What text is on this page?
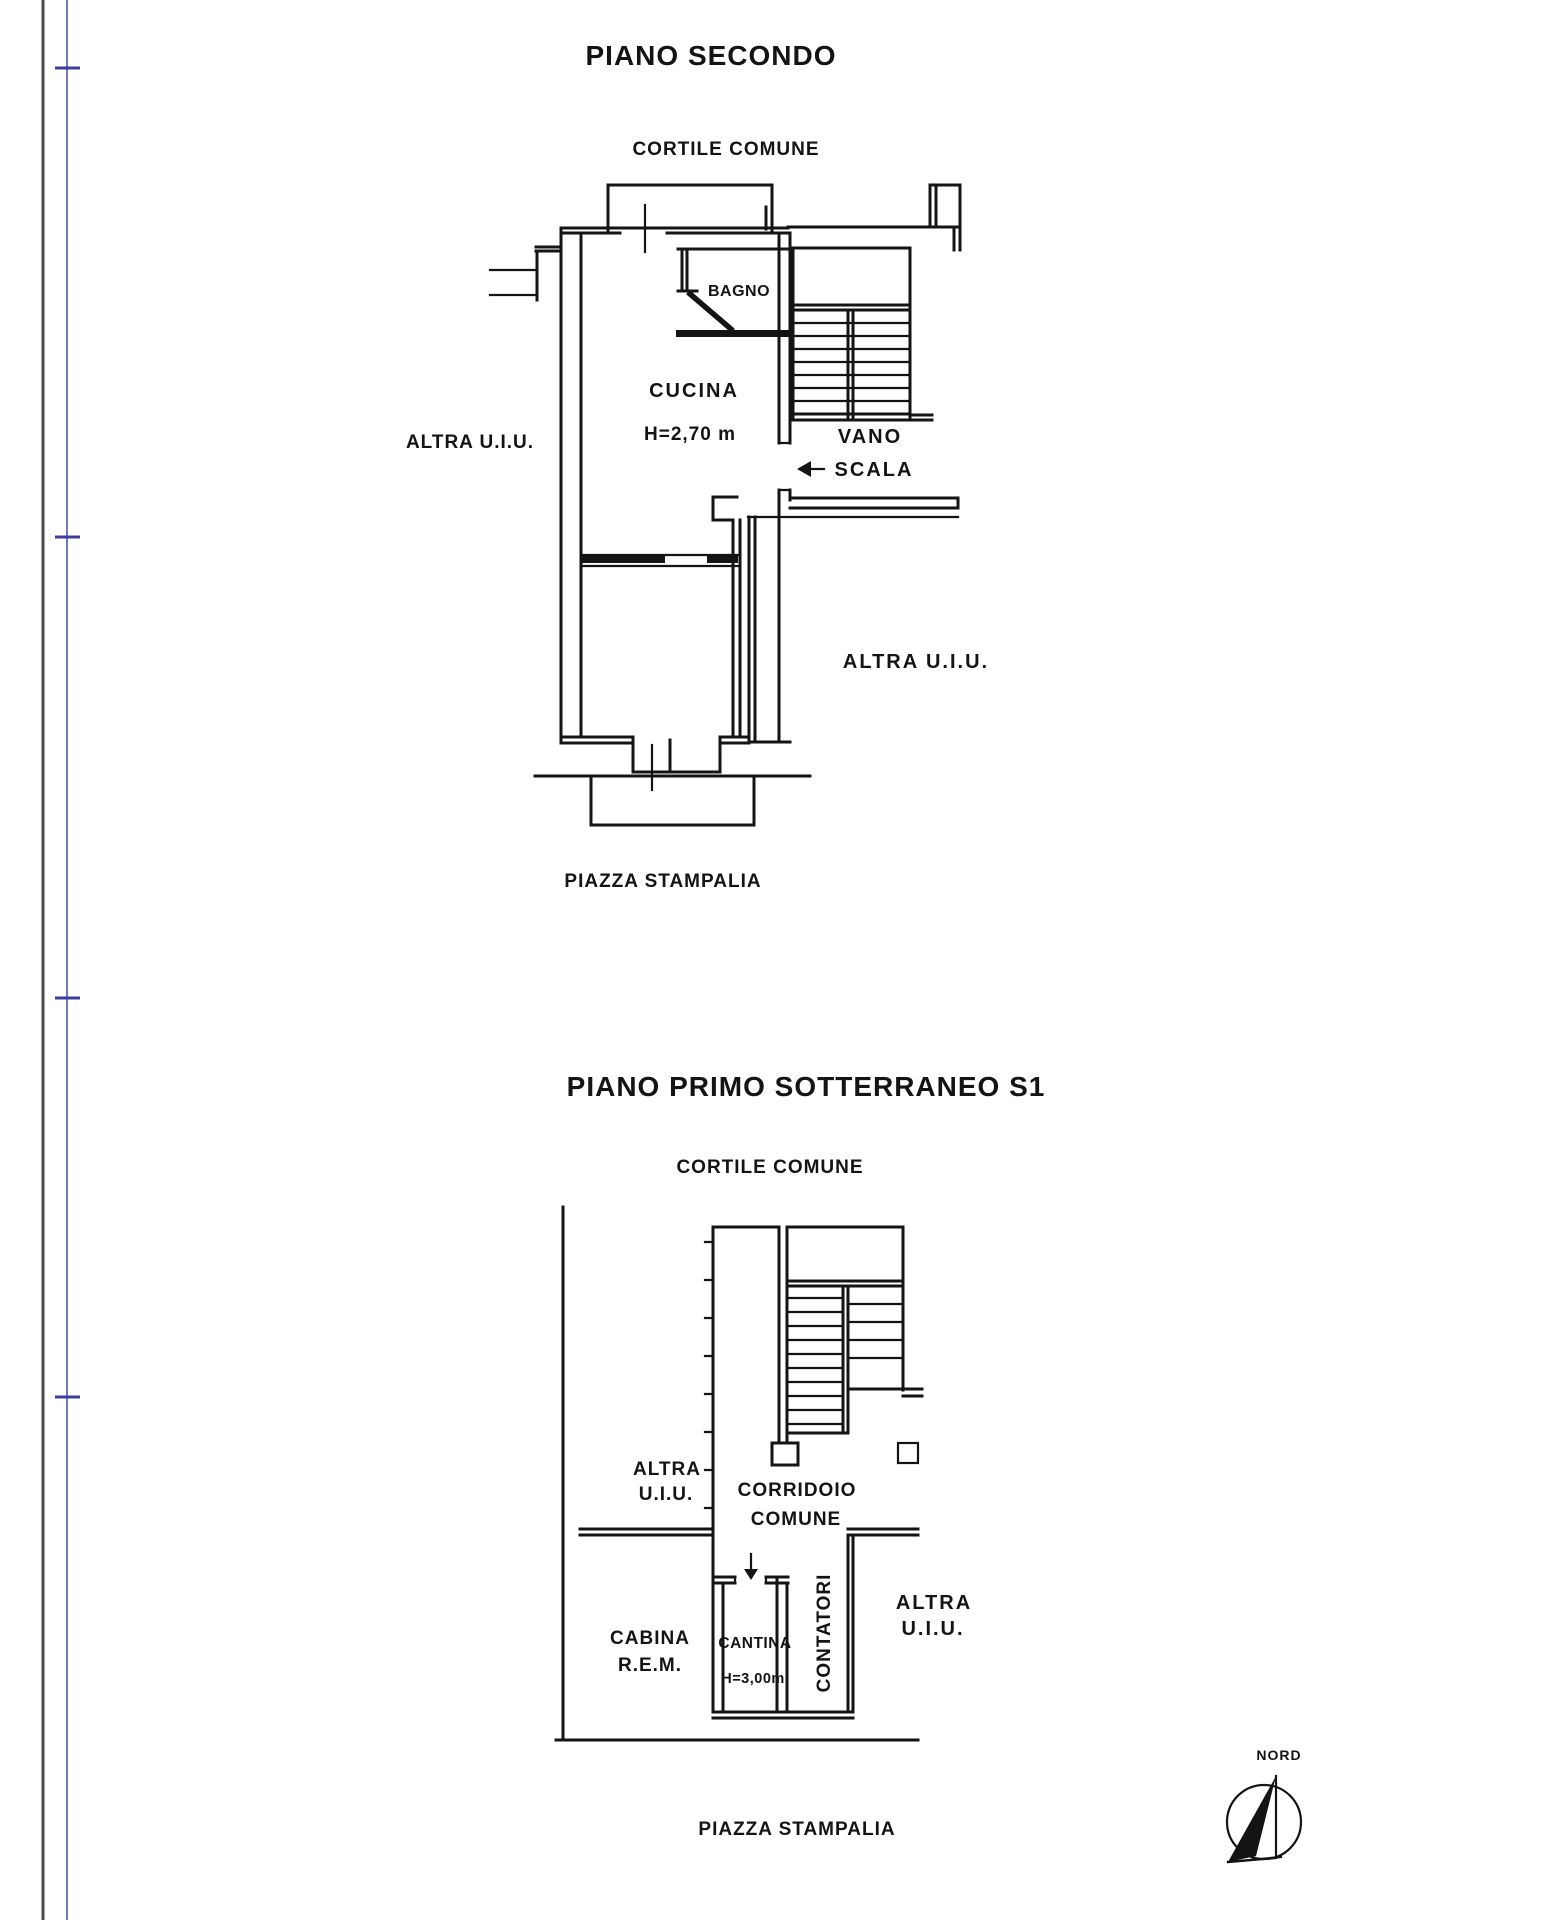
PIANO SECONDO
CORTILE COMUNE
BAGNO
CUCINA
H=2,70 m
ALTRA U.I.U.	VANO
SCALA
ALTRA U.I.U.
PIAZZA STAMPALIA
PIANO PRIMO SOTTERRANEO S1
CORTILE COMUNE
ALTRA
U.I.U. CORRIDOIO
COMUNE
CABINA
R.E.M.
CANTINA
H=3,00m CONTATORI	ALTRA
U.I.U.
PIAZZA STAMPALIA
NORD
